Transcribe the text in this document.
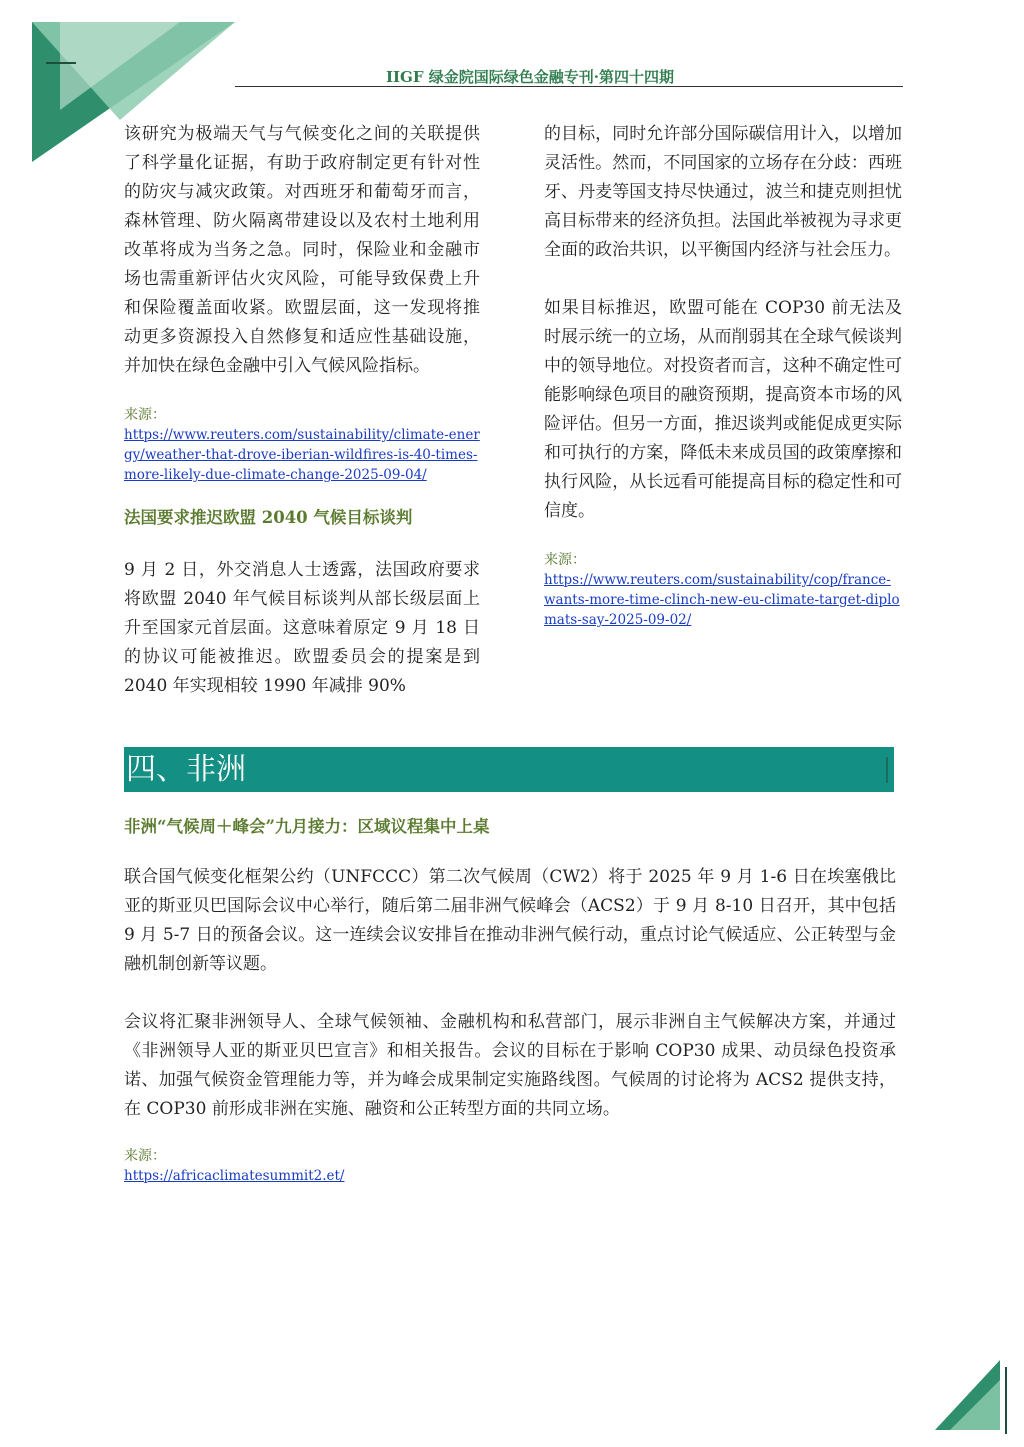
IIGF 绿金院国际绿色金融专刊·第四十四期

该研究为极端天气与气候变化之间的关联提供了科学量化证据，有助于政府制定更有针对性的防灾与减灾政策。对西班牙和葡萄牙而言，森林管理、防火隔离带建设以及农村土地利用改革将成为当务之急。同时，保险业和金融市场也需重新评估火灾风险，可能导致保费上升和保险覆盖面收紧。欧盟层面，这一发现将推动更多资源投入自然修复和适应性基础设施，并加快在绿色金融中引入气候风险指标。

来源：

https://www.reuters.com/sustainability/climate-energy/weather-that-drove-iberian-wildfires-is-40-times-more-likely-due-climate-change-2025-09-04/

法国要求推迟欧盟 2040 气候目标谈判

9 月 2 日，外交消息人士透露，法国政府要求将欧盟 2040 年气候目标谈判从部长级层面上升至国家元首层面。这意味着原定 9 月 18 日的协议可能被推迟。欧盟委员会的提案是到 2040 年实现相较 1990 年减排 90%

的目标，同时允许部分国际碳信用计入，以增加灵活性。然而，不同国家的立场存在分歧：西班牙、丹麦等国支持尽快通过，波兰和捷克则担忧高目标带来的经济负担。法国此举被视为寻求更全面的政治共识，以平衡国内经济与社会压力。

如果目标推迟，欧盟可能在 COP30 前无法及时展示统一的立场，从而削弱其在全球气候谈判中的领导地位。对投资者而言，这种不确定性可能影响绿色项目的融资预期，提高资本市场的风险评估。但另一方面，推迟谈判或能促成更实际和可执行的方案，降低未来成员国的政策摩擦和执行风险，从长远看可能提高目标的稳定性和可信度。

来源：

https://www.reuters.com/sustainability/cop/france-wants-more-time-clinch-new-eu-climate-target-diplomats-say-2025-09-02/
四、非洲

非洲“气候周＋峰会”九月接力：区域议程集中上桌

联合国气候变化框架公约（UNFCCC）第二次气候周（CW2）将于 2025 年 9 月 1-6 日在埃塞俄比亚的斯亚贝巴国际会议中心举行，随后第二届非洲气候峰会（ACS2）于 9 月 8-10 日召开，其中包括 9 月 5-7 日的预备会议。这一连续会议安排旨在推动非洲气候行动，重点讨论气候适应、公正转型与金融机制创新等议题。

会议将汇聚非洲领导人、全球气候领袖、金融机构和私营部门，展示非洲自主气候解决方案，并通过《非洲领导人亚的斯亚贝巴宣言》和相关报告。会议的目标在于影响 COP30 成果、动员绿色投资承诺、加强气候资金管理能力等，并为峰会成果制定实施路线图。气候周的讨论将为 ACS2 提供支持，在 COP30 前形成非洲在实施、融资和公正转型方面的共同立场。

来源：

https://africaclimatesummit2.et/
